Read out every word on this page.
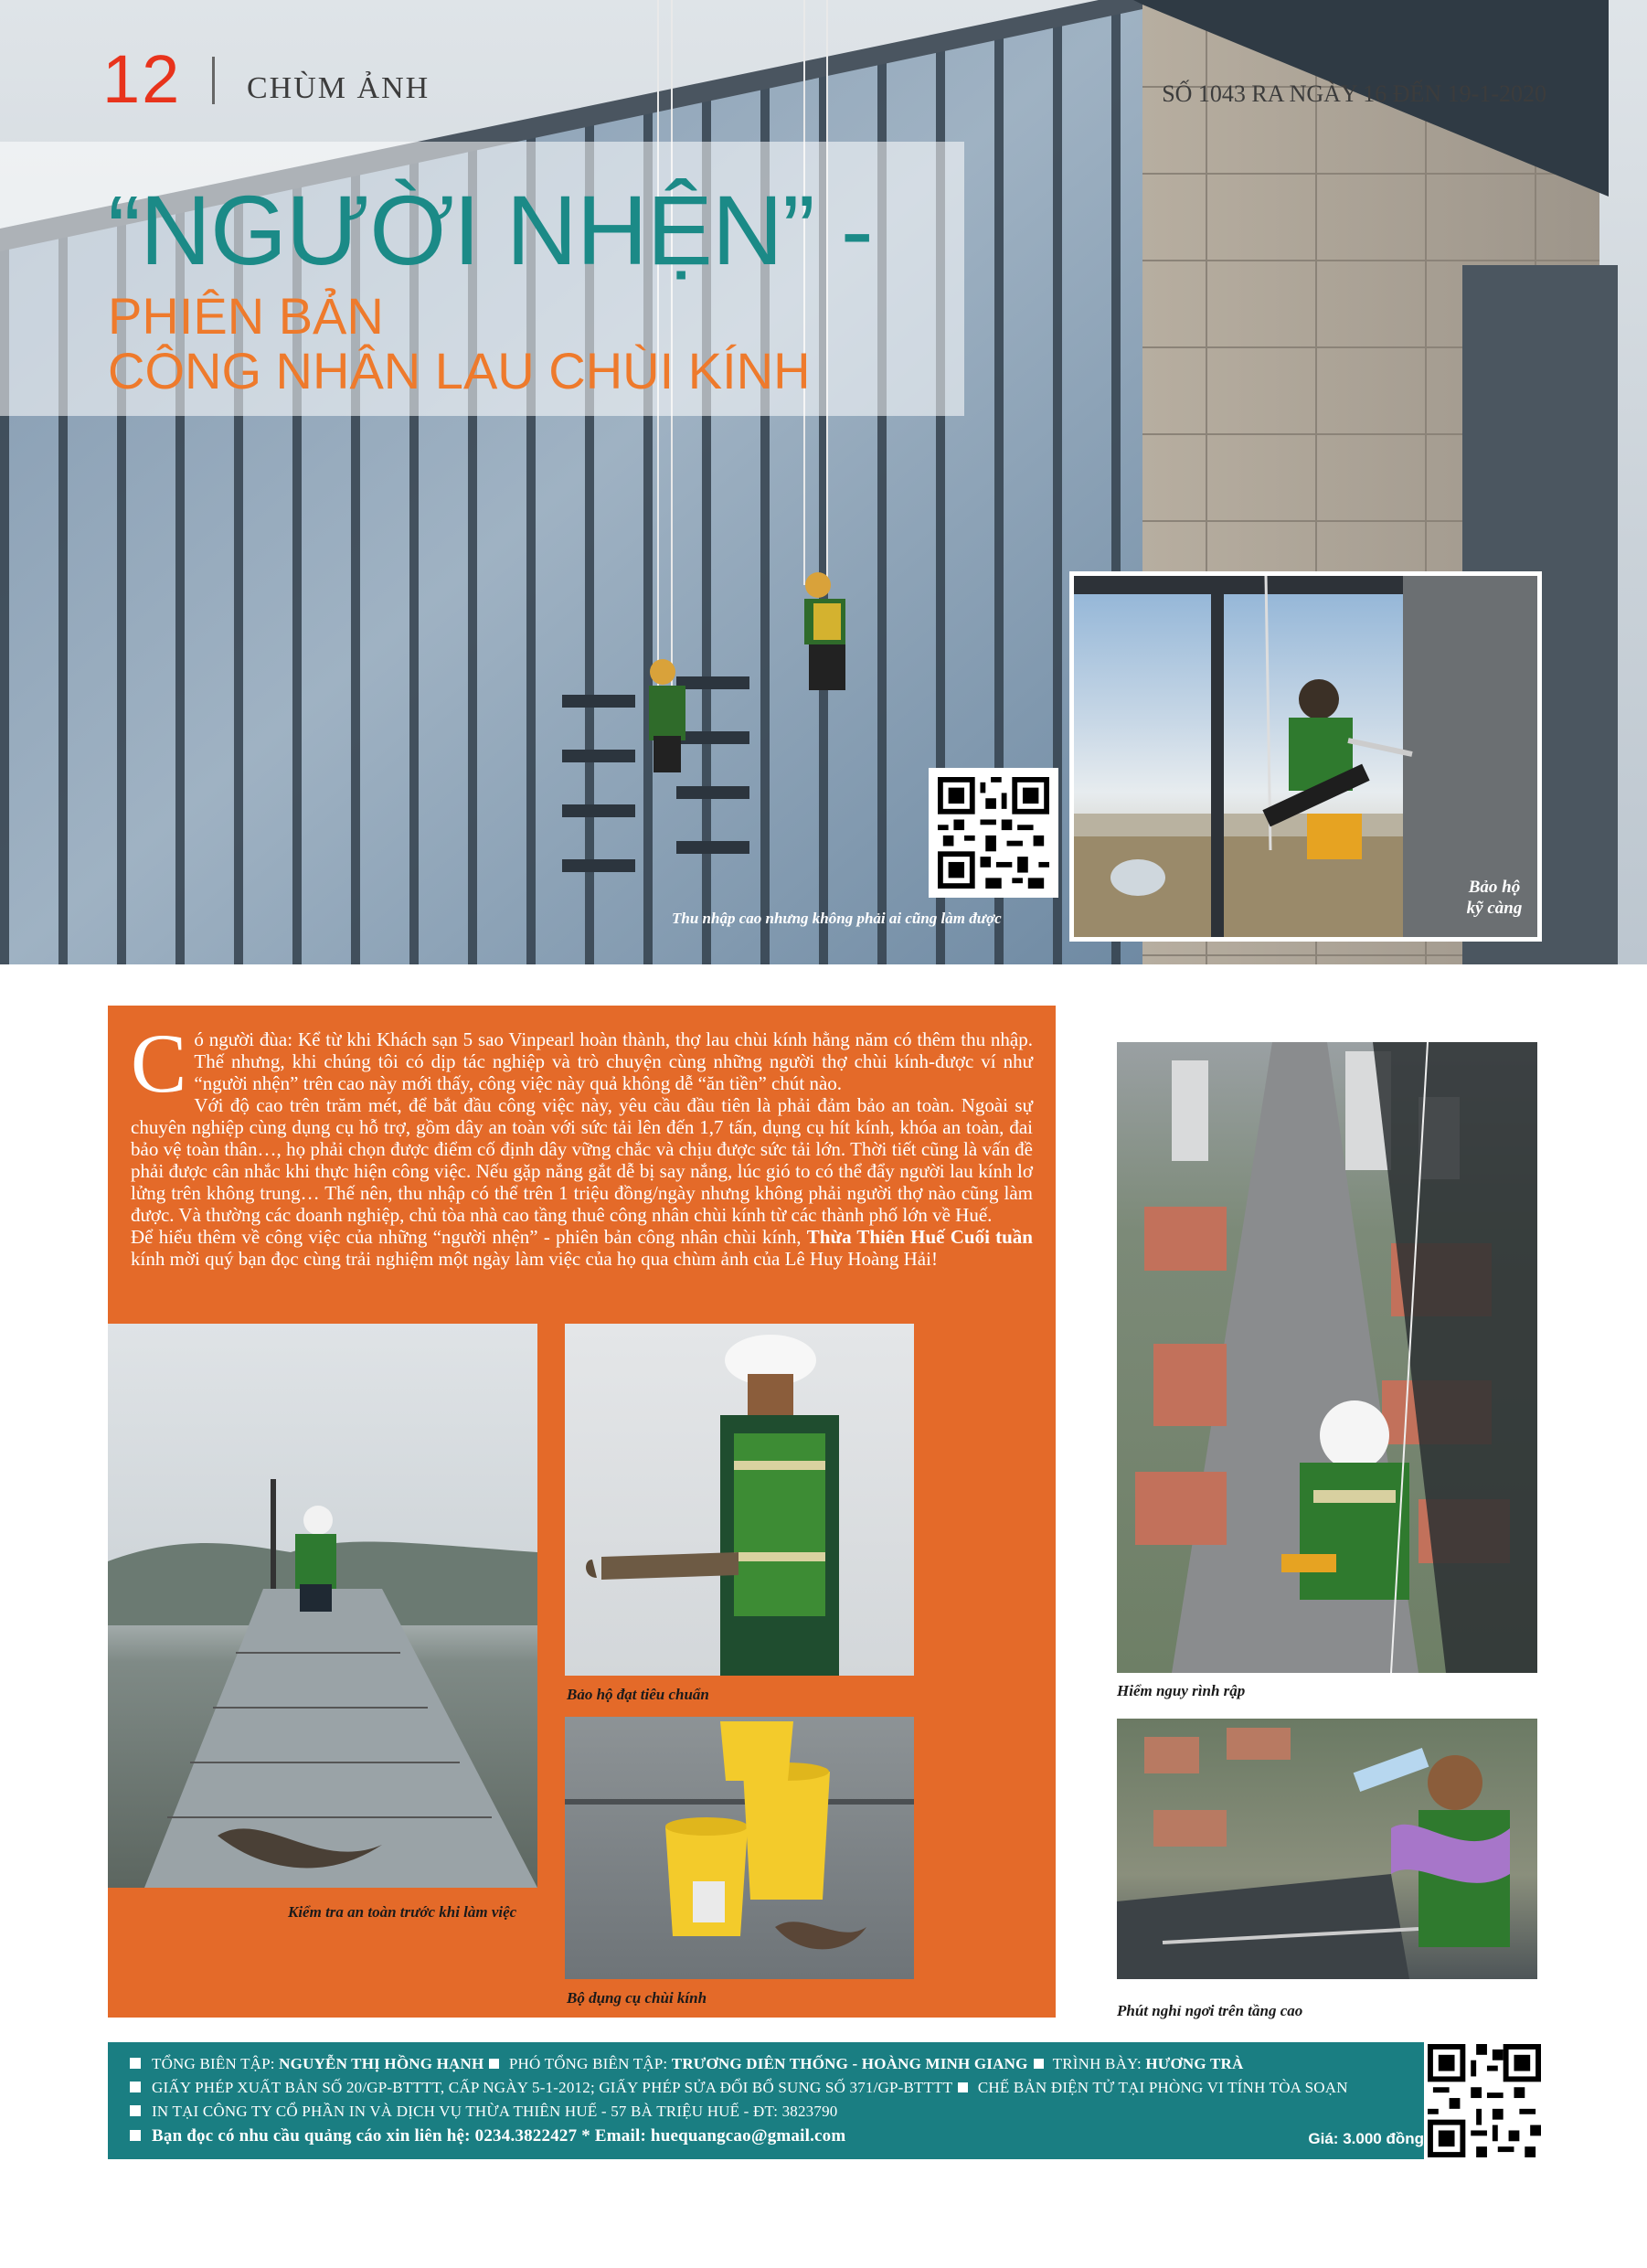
12 CHÙM ẢNH	SỐ 1043 RA NGÀY 16 ĐẾN 19-1-2020
“NGƯỜI NHỆN” -
PHIÊN BẢN
CÔNG NHÂN LAU CHÙI KÍNH
Bảo hộ
kỹ càng
Thu nhập cao nhưng không phải ai cũng làm được

Có người đùa: Kể từ khi Khách sạn 5 sao Vinpearl hoàn thành, thợ lau chùi kính hằng năm có thêm thu nhập. Thế nhưng, khi chúng tôi có dịp tác nghiệp và trò chuyện cùng những người thợ chùi kính-được ví như “người nhện” trên cao này mới thấy, công việc này quả không dễ “ăn tiền” chút nào.

Với độ cao trên trăm mét, để bắt đầu công việc này, yêu cầu đầu tiên là phải đảm bảo an toàn. Ngoài sự chuyên nghiệp cùng dụng cụ hỗ trợ, gồm dây an toàn với sức tải lên đến 1,7 tấn, dụng cụ hít kính, khóa an toàn, đai bảo vệ toàn thân…, họ phải chọn được điểm cố định dây vững chắc và chịu được sức tải lớn. Thời tiết cũng là vấn đề phải được cân nhắc khi thực hiện công việc. Nếu gặp nắng gắt dễ bị say nắng, lúc gió to có thể đẩy người lau kính lơ lửng trên không trung… Thế nên, thu nhập có thể trên 1 triệu đồng/ngày nhưng không phải người thợ nào cũng làm được. Và thường các doanh nghiệp, chủ tòa nhà cao tầng thuê công nhân chùi kính từ các thành phố lớn về Huế.

Để hiểu thêm về công việc của những “người nhện” - phiên bản công nhân chùi kính, Thừa Thiên Huế Cuối tuần kính mời quý bạn đọc cùng trải nghiệm một ngày làm việc của họ qua chùm ảnh của Lê Huy Hoàng Hải!

Kiểm tra an toàn trước khi làm việc
Bảo hộ đạt tiêu chuẩn
Bộ dụng cụ chùi kính
Hiểm nguy rình rập
Phút nghỉ ngơi trên tầng cao
TỔNG BIÊN TẬP: NGUYỄN THỊ HỒNG HẠNH PHÓ TỔNG BIÊN TẬP: TRƯƠNG DIÊN THỐNG - HOÀNG MINH GIANG TRÌNH BÀY: HƯƠNG TRÀ
GIẤY PHÉP XUẤT BẢN SỐ 20/GP-BTTTT, CẤP NGÀY 5-1-2012; GIẤY PHÉP SỬA ĐỔI BỔ SUNG SỐ 371/GP-BTTTT CHẾ BẢN ĐIỆN TỬ TẠI PHÒNG VI TÍNH TÒA SOẠN
IN TẠI CÔNG TY CỔ PHẦN IN VÀ DỊCH VỤ THỪA THIÊN HUẾ - 57 BÀ TRIỆU HUẾ - ĐT: 3823790
Bạn đọc có nhu cầu quảng cáo xin liên hệ: 0234.3822427 * Email: huequangcao@gmail.com	Giá: 3.000 đồng
